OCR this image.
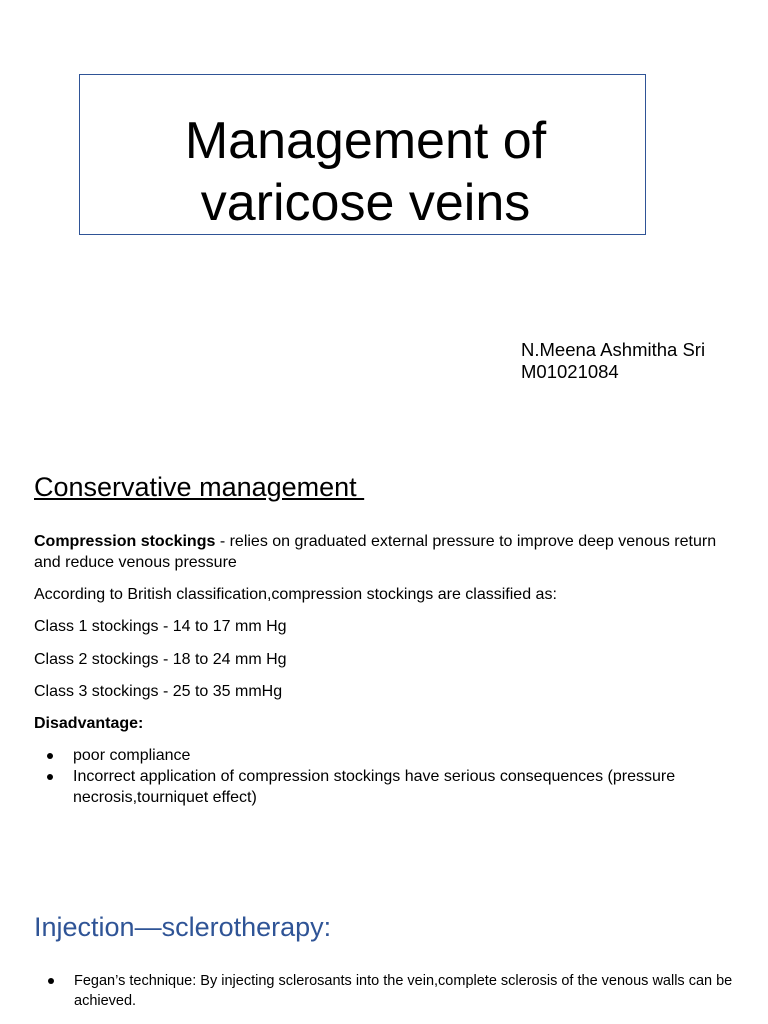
Management of varicose veins
N.Meena Ashmitha Sri
M01021084
Conservative management
Compression stockings - relies on graduated external pressure to improve deep venous return and reduce venous pressure
According to British classification,compression stockings are classified as:
Class 1 stockings - 14 to 17 mm Hg
Class 2 stockings - 18 to 24 mm Hg
Class 3 stockings - 25 to 35 mmHg
Disadvantage:
poor compliance
Incorrect application of compression stockings have serious consequences (pressure necrosis,tourniquet effect)
Injection—sclerotherapy:
Fegan’s technique: By injecting sclerosants into the vein,complete sclerosis of the venous walls can be achieved.
